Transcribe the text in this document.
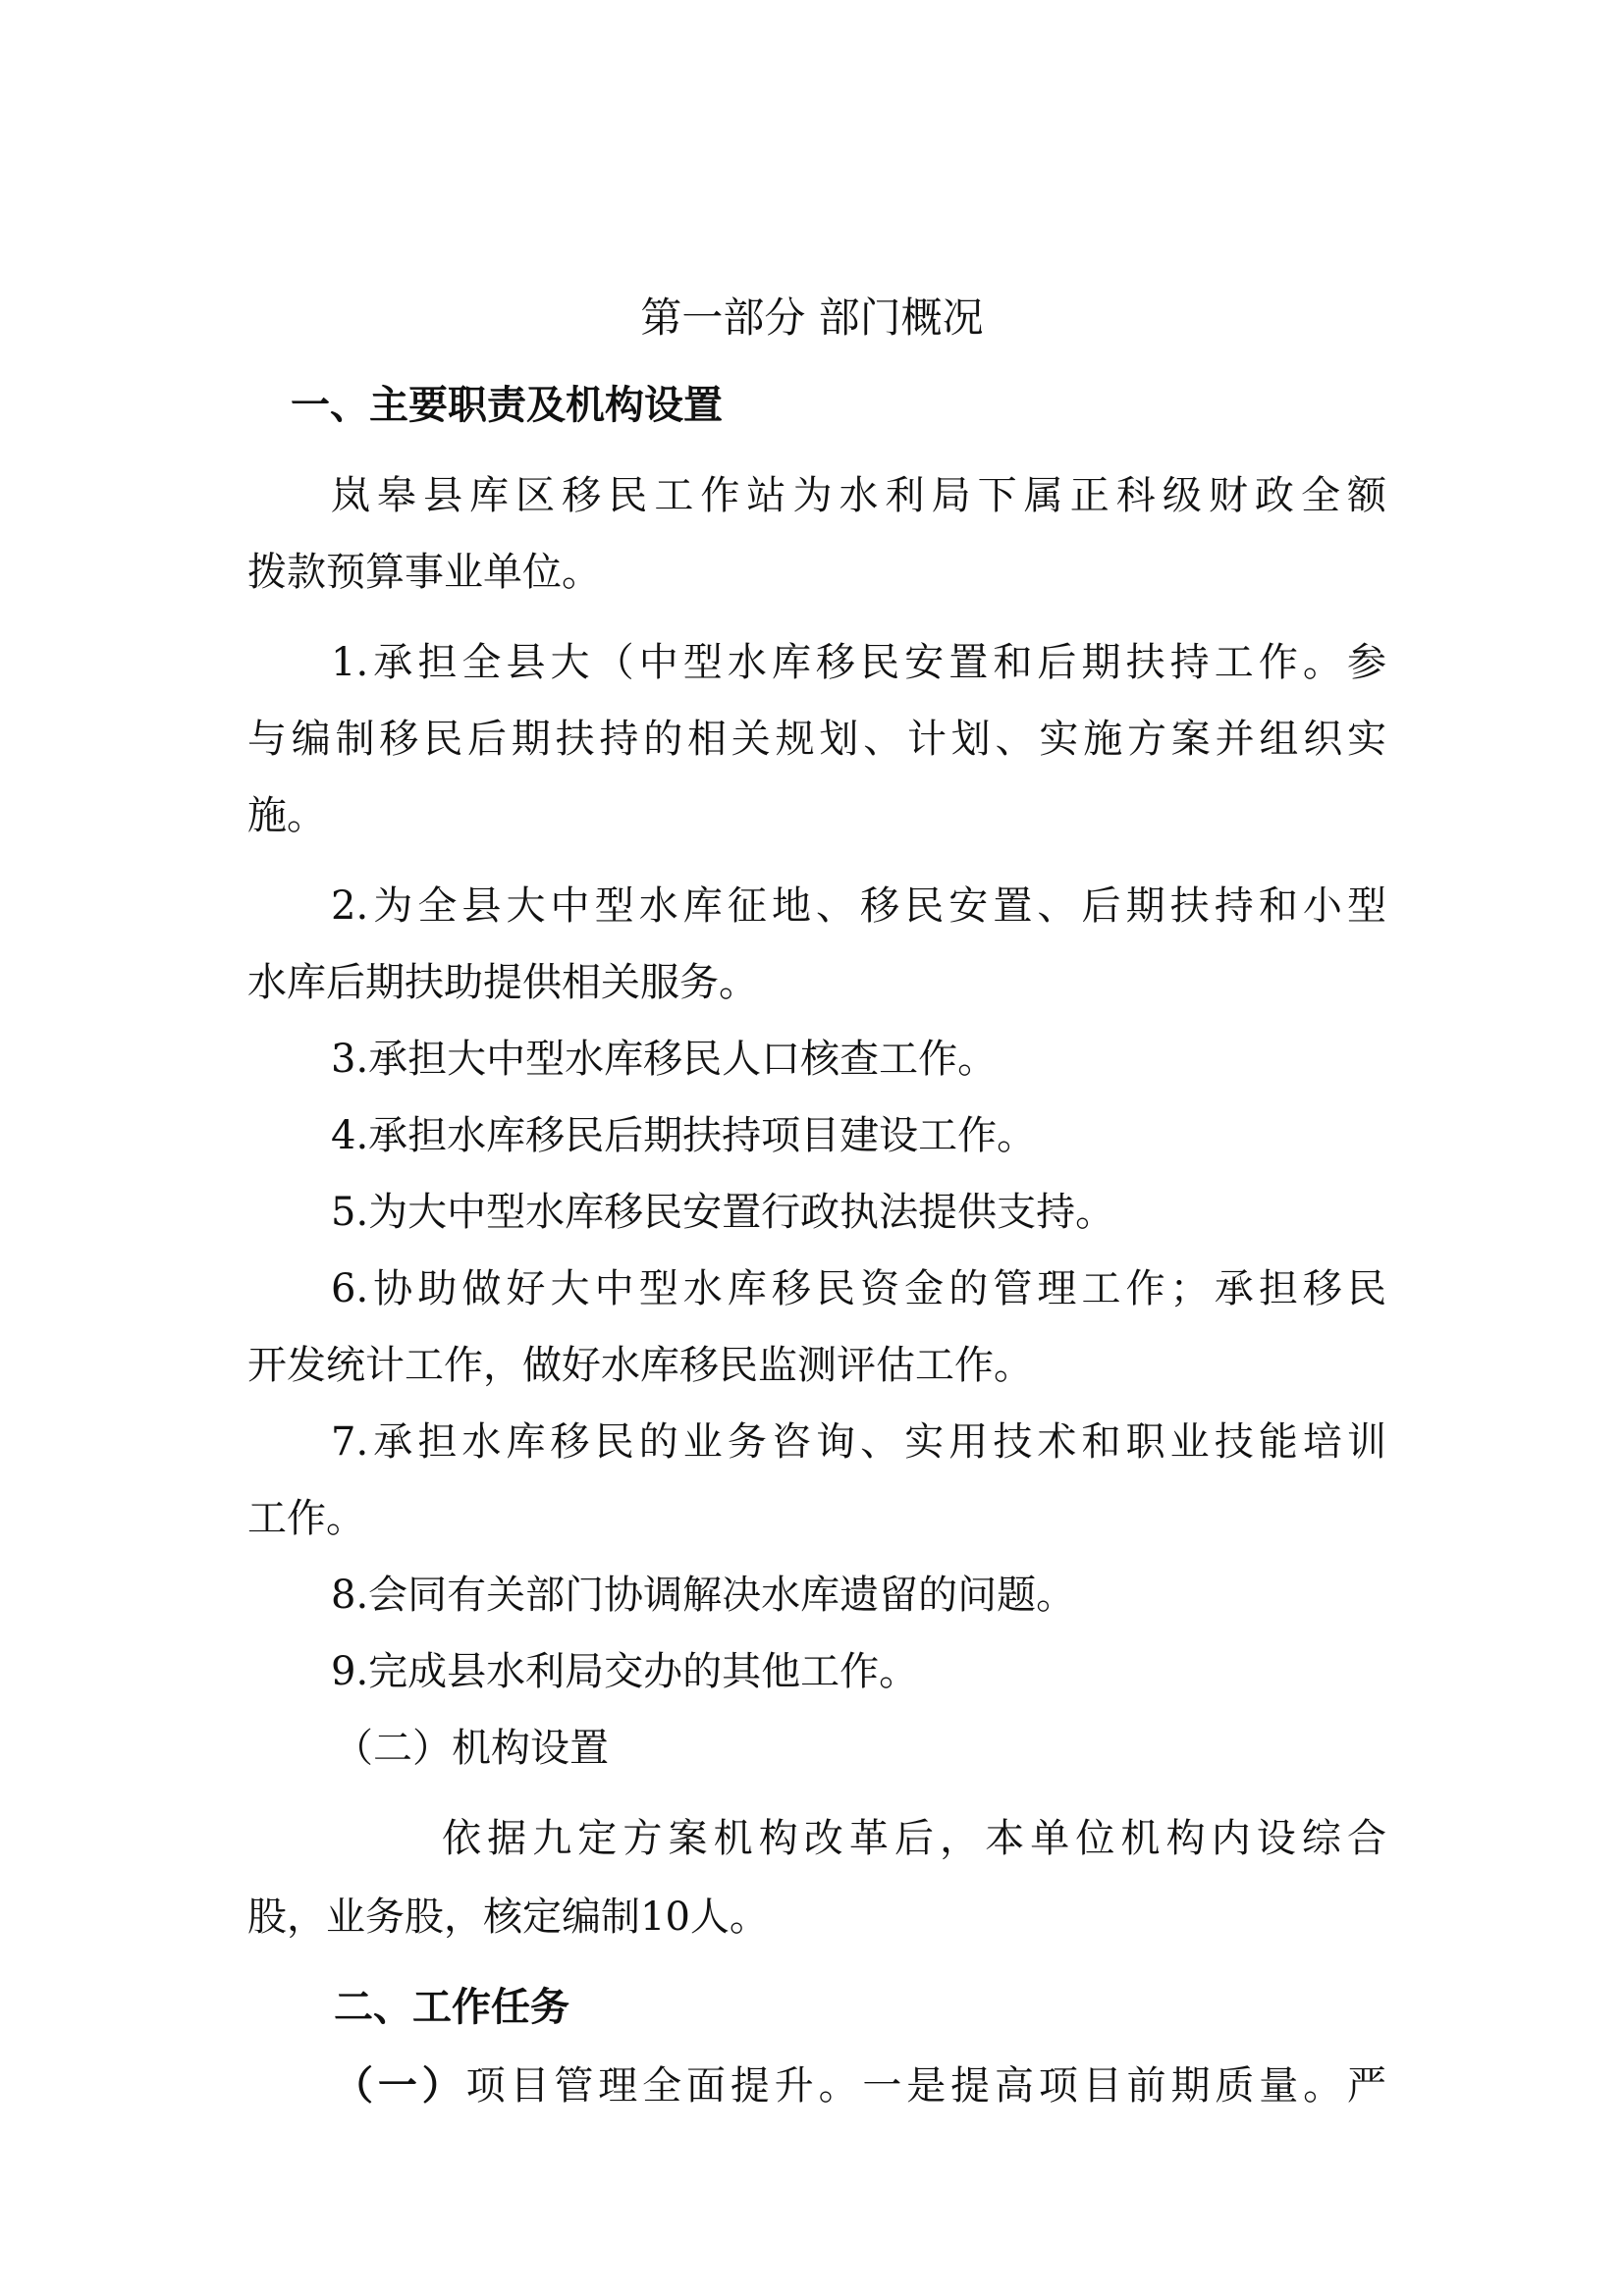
第一部分 部门概况
一、主要职责及机构设置
岚皋县库区移民工作站为水利局下属正科级财政全额
拨款预算事业单位。
1.承担全县大（中型水库移民安置和后期扶持工作。参
与编制移民后期扶持的相关规划、计划、实施方案并组织实
施。
2.为全县大中型水库征地、移民安置、后期扶持和小型
水库后期扶助提供相关服务。
3.承担大中型水库移民人口核查工作。
4.承担水库移民后期扶持项目建设工作。
5.为大中型水库移民安置行政执法提供支持。
6.协助做好大中型水库移民资金的管理工作；承担移民
开发统计工作，做好水库移民监测评估工作。
7.承担水库移民的业务咨询、实用技术和职业技能培训
工作。
8.会同有关部门协调解决水库遗留的问题。
9.完成县水利局交办的其他工作。
（二）机构设置
依据九定方案机构改革后，本单位机构内设综合
股，业务股，核定编制10人。
二、工作任务
（一）项目管理全面提升。一是提高项目前期质量。严
